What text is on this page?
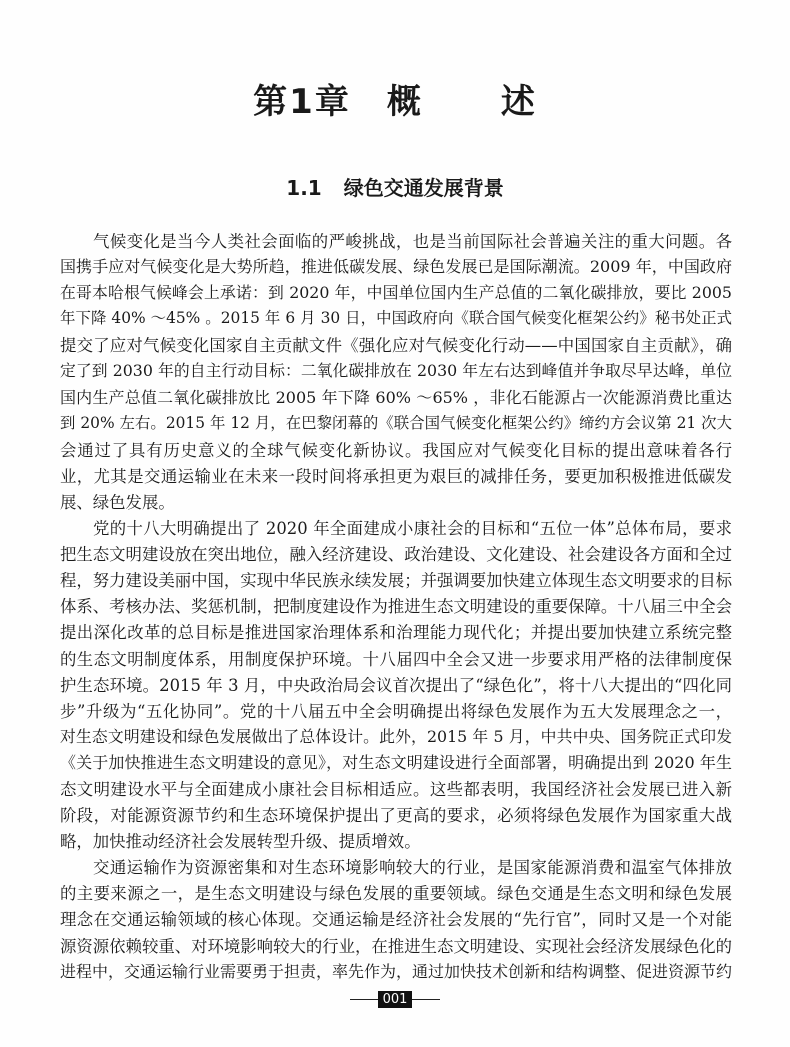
第1章 概 述
1.1 绿色交通发展背景
气候变化是当今人类社会面临的严峻挑战，也是当前国际社会普遍关注的重大问题。各
国携手应对气候变化是大势所趋，推进低碳发展、绿色发展已是国际潮流。2009 年，中国政府
在哥本哈根气候峰会上承诺：到 2020 年，中国单位国内生产总值的二氧化碳排放，要比 2005
年下降 40% ～45% 。2015 年 6 月 30 日，中国政府向《联合国气候变化框架公约》秘书处正式
提交了应对气候变化国家自主贡献文件《强化应对气候变化行动——中国国家自主贡献》，确
定了到 2030 年的自主行动目标：二氧化碳排放在 2030 年左右达到峰值并争取尽早达峰，单位
国内生产总值二氧化碳排放比 2005 年下降 60% ～65% ，非化石能源占一次能源消费比重达
到 20% 左右。2015 年 12 月，在巴黎闭幕的《联合国气候变化框架公约》缔约方会议第 21 次大
会通过了具有历史意义的全球气候变化新协议。我国应对气候变化目标的提出意味着各行
业，尤其是交通运输业在未来一段时间将承担更为艰巨的减排任务，要更加积极推进低碳发
展、绿色发展。
党的十八大明确提出了 2020 年全面建成小康社会的目标和“五位一体”总体布局，要求
把生态文明建设放在突出地位，融入经济建设、政治建设、文化建设、社会建设各方面和全过
程，努力建设美丽中国，实现中华民族永续发展；并强调要加快建立体现生态文明要求的目标
体系、考核办法、奖惩机制，把制度建设作为推进生态文明建设的重要保障。十八届三中全会
提出深化改革的总目标是推进国家治理体系和治理能力现代化；并提出要加快建立系统完整
的生态文明制度体系，用制度保护环境。十八届四中全会又进一步要求用严格的法律制度保
护生态环境。2015 年 3 月，中央政治局会议首次提出了“绿色化”，将十八大提出的“四化同
步”升级为“五化协同”。党的十八届五中全会明确提出将绿色发展作为五大发展理念之一，
对生态文明建设和绿色发展做出了总体设计。此外，2015 年 5 月，中共中央、国务院正式印发
《关于加快推进生态文明建设的意见》，对生态文明建设进行全面部署，明确提出到 2020 年生
态文明建设水平与全面建成小康社会目标相适应。这些都表明，我国经济社会发展已进入新
阶段，对能源资源节约和生态环境保护提出了更高的要求，必须将绿色发展作为国家重大战
略，加快推动经济社会发展转型升级、提质增效。
交通运输作为资源密集和对生态环境影响较大的行业，是国家能源消费和温室气体排放
的主要来源之一，是生态文明建设与绿色发展的重要领域。绿色交通是生态文明和绿色发展
理念在交通运输领域的核心体现。交通运输是经济社会发展的“先行官”，同时又是一个对能
源资源依赖较重、对环境影响较大的行业，在推进生态文明建设、实现社会经济发展绿色化的
进程中，交通运输行业需要勇于担责，率先作为，通过加快技术创新和结构调整、促进资源节约
001
